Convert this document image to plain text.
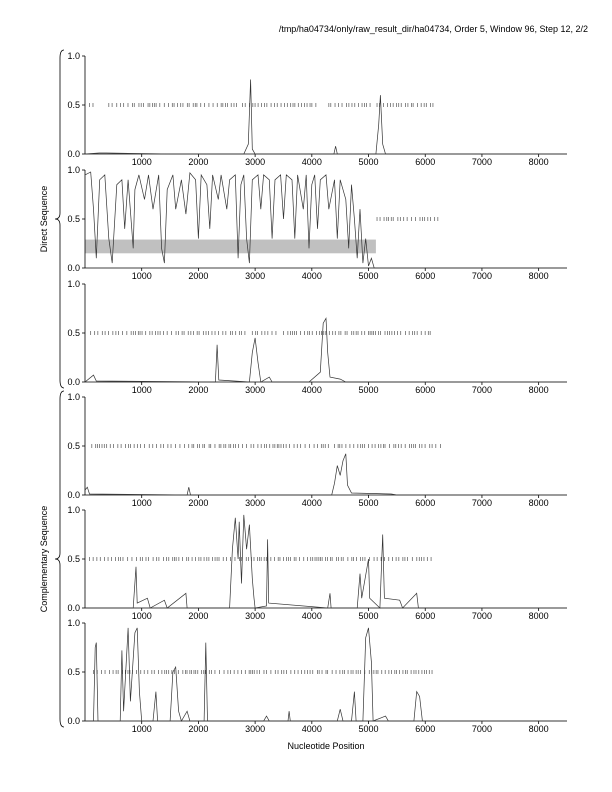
/tmp/ha04734/only/raw_result_dir/ha04734, Order 5, Window 96, Step 12, 2/2
Nucleotide Position
Direct Sequence
Complementary Sequence
0.0
0.5
1.0
1000	2000	3000	4000	5000	6000	7000	8000
0.0
0.5
1.0
1000	2000	3000	4000	5000	6000	7000	8000
0.0
0.5
1.0
1000	2000	3000	4000	5000	6000	7000	8000
0.0
0.5
1.0
1000	2000	3000	4000	5000	6000	7000	8000
0.0
0.5
1.0
1000	2000	3000	4000	5000	6000	7000	8000
0.0
0.5
1.0
1000	2000	3000	4000	5000	6000	7000	8000
